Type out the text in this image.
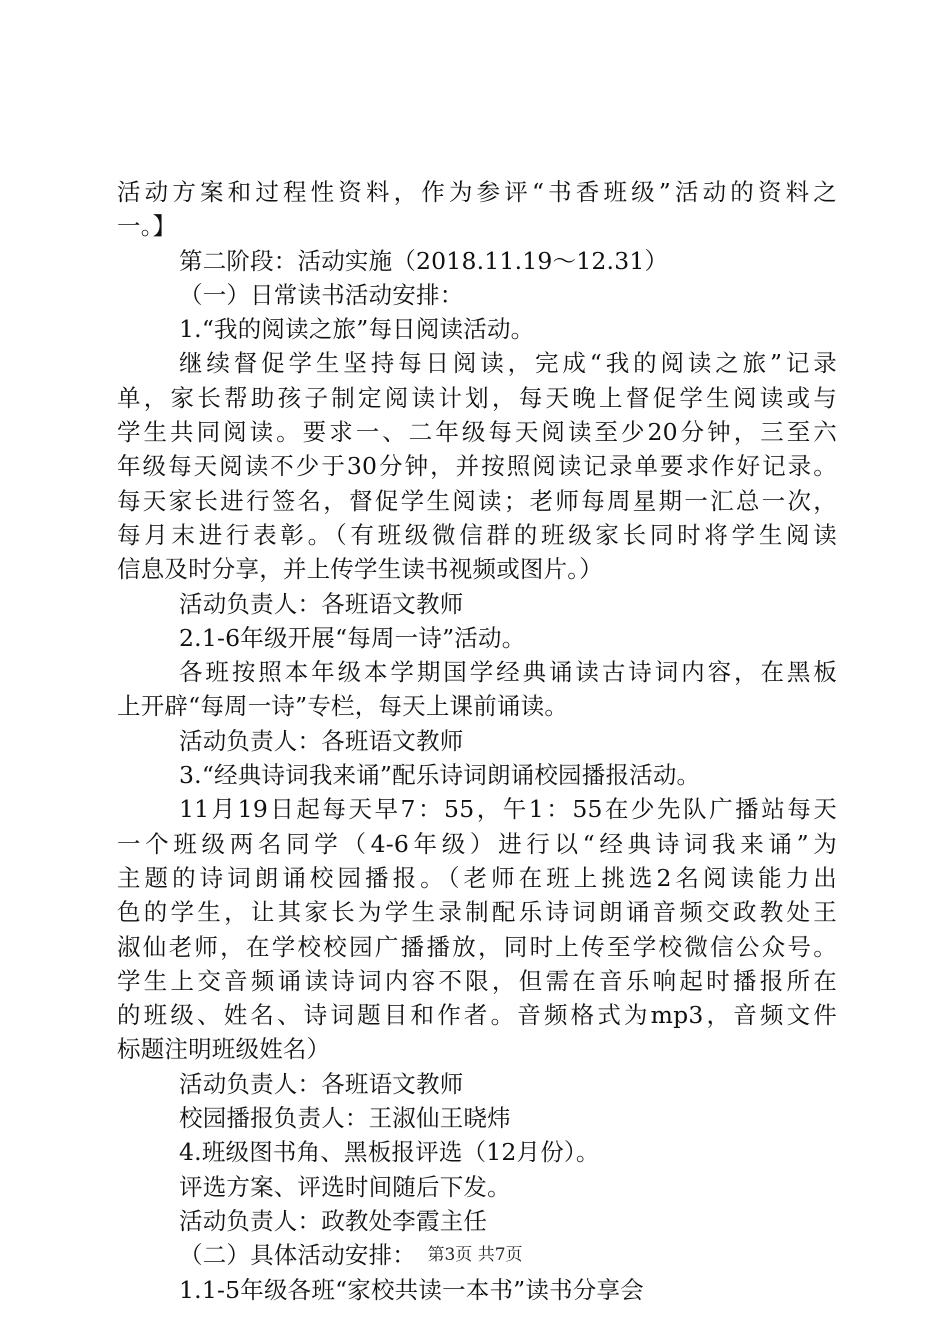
活动方案和过程性资料，作为参评“书香班级”活动的资料之
一。】
第二阶段：活动实施（2018.11.19～12.31）
（一）日常读书活动安排：
1.“我的阅读之旅”每日阅读活动。
继续督促学生坚持每日阅读，完成“我的阅读之旅”记录
单，家长帮助孩子制定阅读计划，每天晚上督促学生阅读或与
学生共同阅读。要求一、二年级每天阅读至少20分钟，三至六
年级每天阅读不少于30分钟，并按照阅读记录单要求作好记录。
每天家长进行签名，督促学生阅读；老师每周星期一汇总一次，
每月末进行表彰。（有班级微信群的班级家长同时将学生阅读
信息及时分享，并上传学生读书视频或图片。）
活动负责人：各班语文教师
2.1-6年级开展“每周一诗”活动。
各班按照本年级本学期国学经典诵读古诗词内容，在黑板
上开辟“每周一诗”专栏，每天上课前诵读。
活动负责人：各班语文教师
3.“经典诗词我来诵”配乐诗词朗诵校园播报活动。
11月19日起每天早7：55，午1：55在少先队广播站每天
一个班级两名同学（4-6年级）进行以“经典诗词我来诵”为
主题的诗词朗诵校园播报。（老师在班上挑选2名阅读能力出
色的学生，让其家长为学生录制配乐诗词朗诵音频交政教处王
淑仙老师，在学校校园广播播放，同时上传至学校微信公众号。
学生上交音频诵读诗词内容不限，但需在音乐响起时播报所在
的班级、姓名、诗词题目和作者。音频格式为mp3，音频文件
标题注明班级姓名）
活动负责人：各班语文教师
校园播报负责人：王淑仙王晓炜
4.班级图书角、黑板报评选（12月份）。
评选方案、评选时间随后下发。
活动负责人：政教处李霞主任
（二）具体活动安排：
1.1-5年级各班“家校共读一本书”读书分享会
第3页 共7页
